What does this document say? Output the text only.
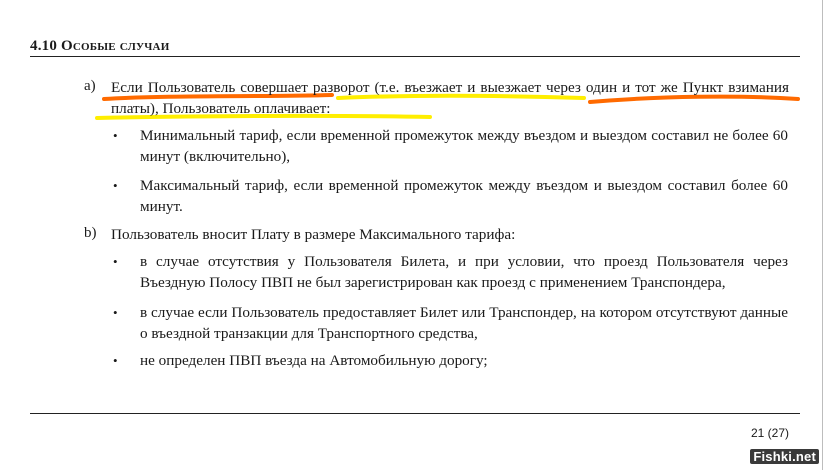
4.10 Особые случаи
a) Если Пользователь совершает разворот (т.е. въезжает и выезжает через один и тот же Пункт взимания платы), Пользователь оплачивает:
• Минимальный тариф, если временной промежуток между въездом и выездом составил не более 60 минут (включительно),
• Максимальный тариф, если временной промежуток между въездом и выездом составил более 60 минут.
b) Пользователь вносит Плату в размере Максимального тарифа:
• в случае отсутствия у Пользователя Билета, и при условии, что проезд Пользователя через Въездную Полосу ПВП не был зарегистрирован как проезд с применением Транспондера,
• в случае если Пользователь предоставляет Билет или Транспондер, на котором отсутствуют данные о въездной транзакции для Транспортного средства,
• не определен ПВП въезда на Автомобильную дорогу;
21 (27)
Fishki.net
